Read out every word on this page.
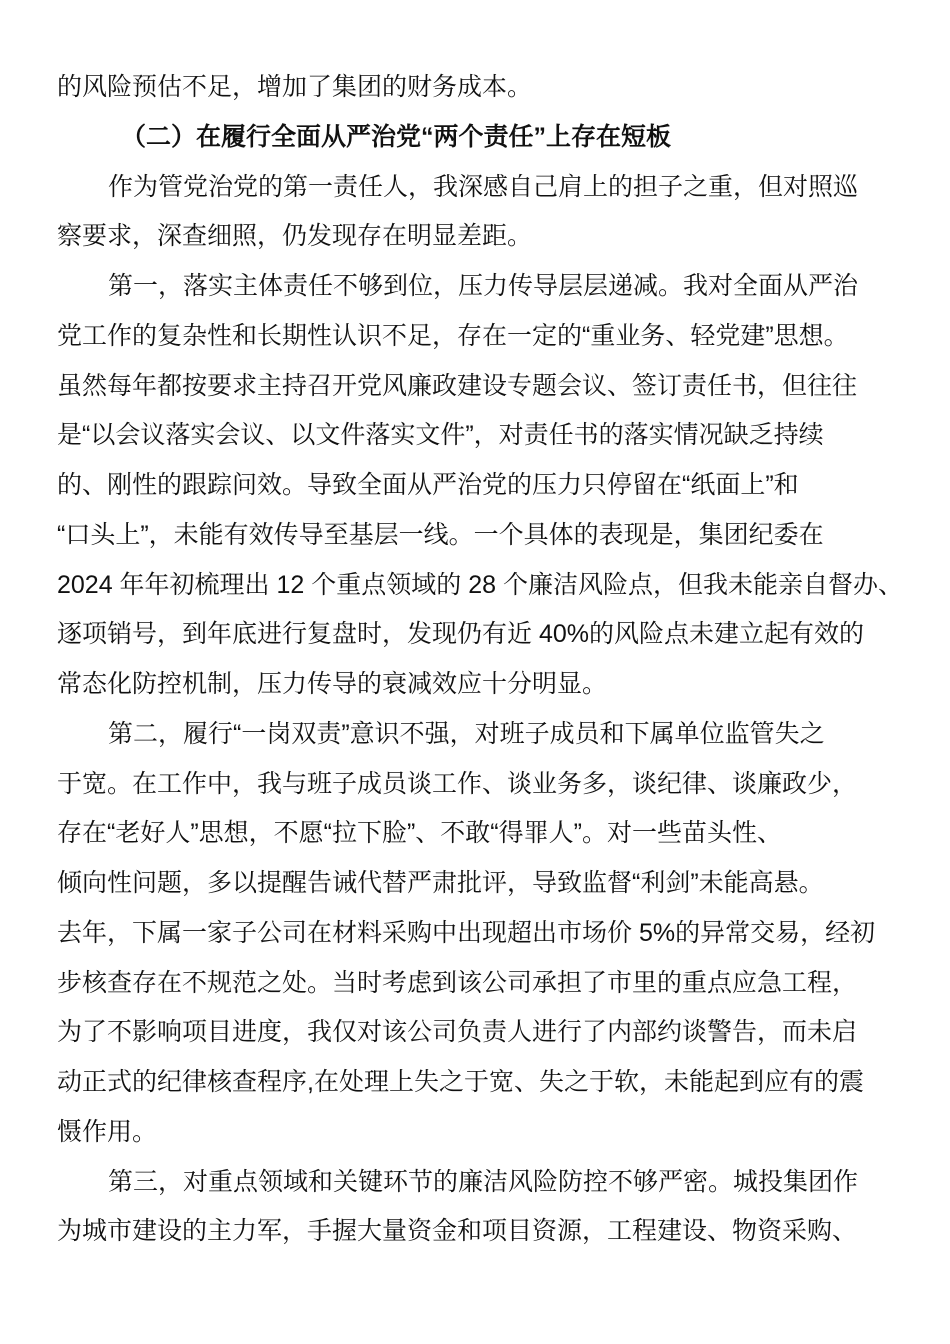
的风险预估不足，增加了集团的财务成本。
（二）在履行全面从严治党“两个责任”上存在短板
作为管党治党的第一责任人，我深感自己肩上的担子之重，但对照巡
察要求，深查细照，仍发现存在明显差距。
第一，落实主体责任不够到位，压力传导层层递减。我对全面从严治
党工作的复杂性和长期性认识不足，存在一定的“重业务、轻党建”思想。
虽然每年都按要求主持召开党风廉政建设专题会议、签订责任书，但往往
是“以会议落实会议、以文件落实文件”，对责任书的落实情况缺乏持续
的、刚性的跟踪问效。导致全面从严治党的压力只停留在“纸面上”和
“口头上”，未能有效传导至基层一线。一个具体的表现是，集团纪委在
2024 年年初梳理出 12 个重点领域的 28 个廉洁风险点，但我未能亲自督办、
逐项销号，到年底进行复盘时，发现仍有近 40%的风险点未建立起有效的
常态化防控机制，压力传导的衰减效应十分明显。
第二，履行“一岗双责”意识不强，对班子成员和下属单位监管失之
于宽。在工作中，我与班子成员谈工作、谈业务多，谈纪律、谈廉政少，
存在“老好人”思想，不愿“拉下脸”、不敢“得罪人”。对一些苗头性、
倾向性问题，多以提醒告诫代替严肃批评，导致监督“利剑”未能高悬。
去年，下属一家子公司在材料采购中出现超出市场价 5%的异常交易，经初
步核查存在不规范之处。当时考虑到该公司承担了市里的重点应急工程，
为了不影响项目进度，我仅对该公司负责人进行了内部约谈警告，而未启
动正式的纪律核查程序,在处理上失之于宽、失之于软，未能起到应有的震
慑作用。
第三，对重点领域和关键环节的廉洁风险防控不够严密。城投集团作
为城市建设的主力军，手握大量资金和项目资源，工程建设、物资采购、
